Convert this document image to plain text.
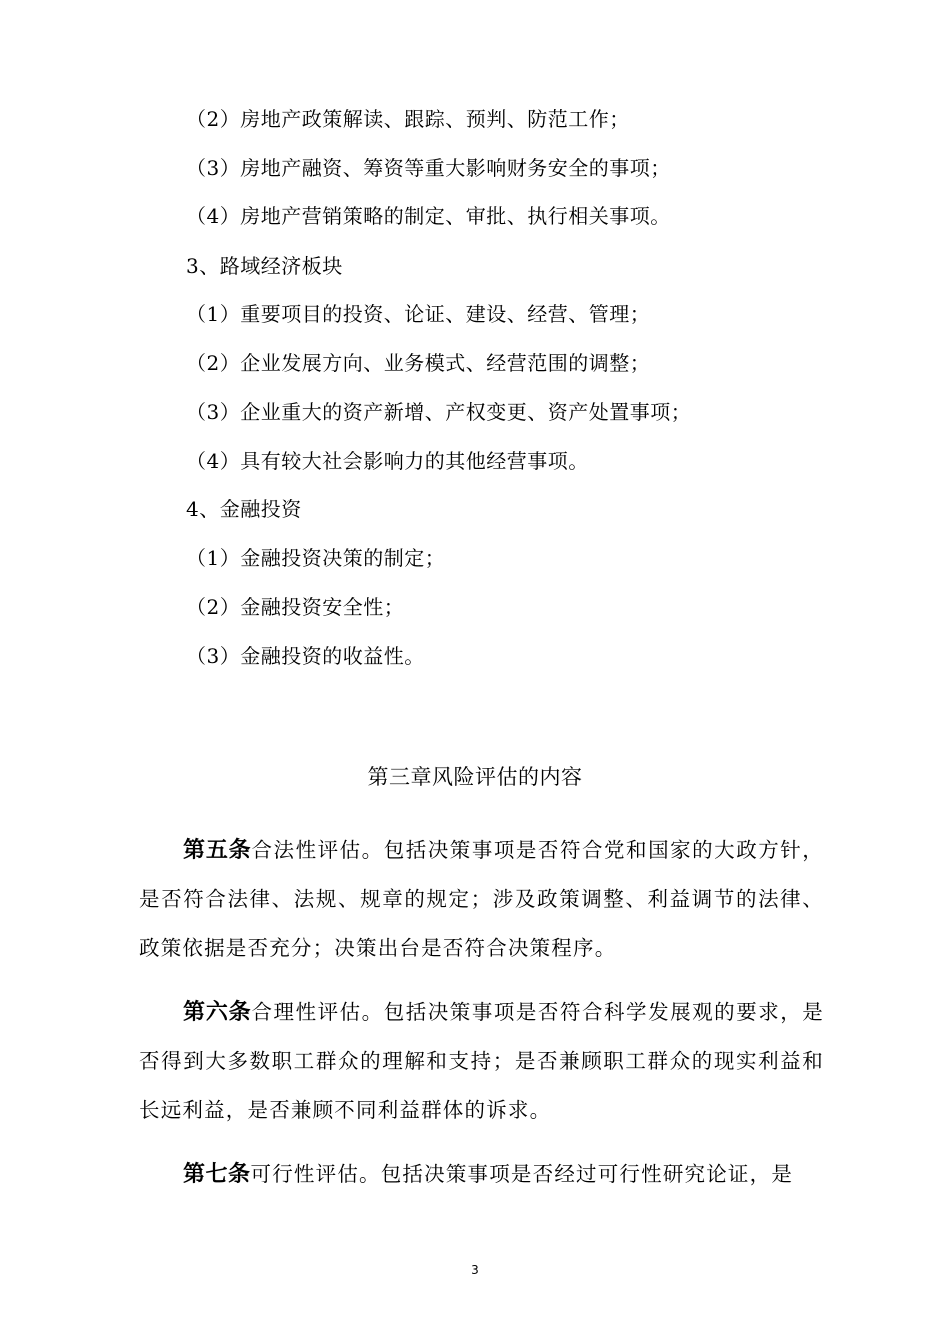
（2）房地产政策解读、跟踪、预判、防范工作；
（3）房地产融资、筹资等重大影响财务安全的事项；
（4）房地产营销策略的制定、审批、执行相关事项。
3、路域经济板块
（1）重要项目的投资、论证、建设、经营、管理；
（2）企业发展方向、业务模式、经营范围的调整；
（3）企业重大的资产新增、产权变更、资产处置事项；
（4）具有较大社会影响力的其他经营事项。
4、金融投资
（1）金融投资决策的制定；
（2）金融投资安全性；
（3）金融投资的收益性。
第三章风险评估的内容
第五条合法性评估。包括决策事项是否符合党和国家的大政方针，是否符合法律、法规、规章的规定；涉及政策调整、利益调节的法律、政策依据是否充分；决策出台是否符合决策程序。
第六条合理性评估。包括决策事项是否符合科学发展观的要求，是否得到大多数职工群众的理解和支持；是否兼顾职工群众的现实利益和长远利益，是否兼顾不同利益群体的诉求。
第七条可行性评估。包括决策事项是否经过可行性研究论证，是
3
